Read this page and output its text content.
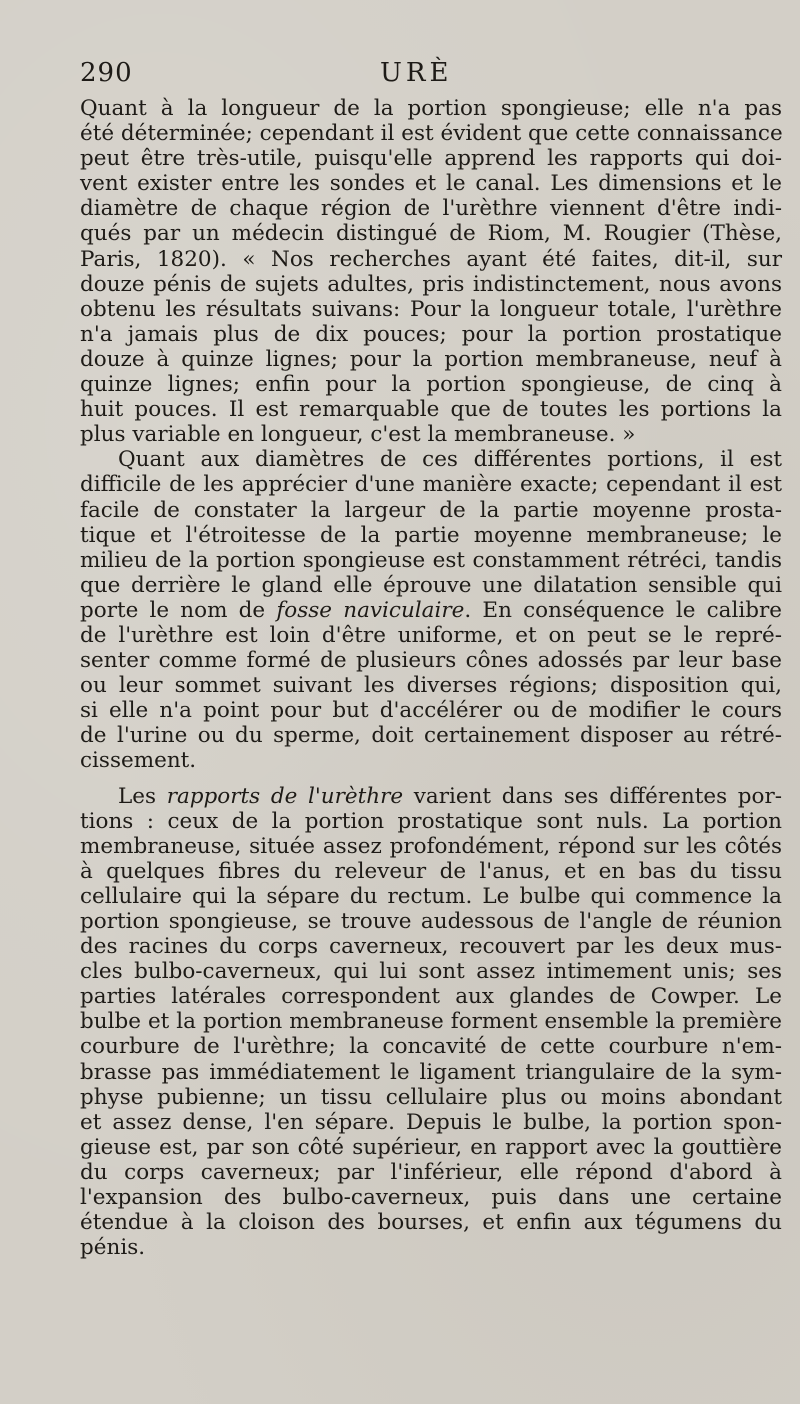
290	URÈ

Quant à la longueur de la portion spongieuse; elle n'a pas
été déterminée; cependant il est évident que cette connaissance
peut être très-utile, puisqu'elle apprend les rapports qui doi-
vent exister entre les sondes et le canal. Les dimensions et le
diamètre de chaque région de l'urèthre viennent d'être indi-
qués par un médecin distingué de Riom, M. Rougier (Thèse,
Paris, 1820). « Nos recherches ayant été faites, dit-il, sur
douze pénis de sujets adultes, pris indistinctement, nous avons
obtenu les résultats suivans: Pour la longueur totale, l'urèthre
n'a jamais plus de dix pouces; pour la portion prostatique
douze à quinze lignes; pour la portion membraneuse, neuf à
quinze lignes; enfin pour la portion spongieuse, de cinq à
huit pouces. Il est remarquable que de toutes les portions la
plus variable en longueur, c'est la membraneuse. »

Quant aux diamètres de ces différentes portions, il est
difficile de les apprécier d'une manière exacte; cependant il est
facile de constater la largeur de la partie moyenne prosta-
tique et l'étroitesse de la partie moyenne membraneuse; le
milieu de la portion spongieuse est constamment rétréci, tandis
que derrière le gland elle éprouve une dilatation sensible qui
porte le nom de fosse naviculaire. En conséquence le calibre
de l'urèthre est loin d'être uniforme, et on peut se le repré-
senter comme formé de plusieurs cônes adossés par leur base
ou leur sommet suivant les diverses régions; disposition qui,
si elle n'a point pour but d'accélérer ou de modifier le cours
de l'urine ou du sperme, doit certainement disposer au rétré-
cissement.

Les rapports de l'urèthre varient dans ses différentes por-
tions : ceux de la portion prostatique sont nuls. La portion
membraneuse, située assez profondément, répond sur les côtés
à quelques fibres du releveur de l'anus, et en bas du tissu
cellulaire qui la sépare du rectum. Le bulbe qui commence la
portion spongieuse, se trouve audessous de l'angle de réunion
des racines du corps caverneux, recouvert par les deux mus-
cles bulbo-caverneux, qui lui sont assez intimement unis; ses
parties latérales correspondent aux glandes de Cowper. Le
bulbe et la portion membraneuse forment ensemble la première
courbure de l'urèthre; la concavité de cette courbure n'em-
brasse pas immédiatement le ligament triangulaire de la sym-
physe pubienne; un tissu cellulaire plus ou moins abondant
et assez dense, l'en sépare. Depuis le bulbe, la portion spon-
gieuse est, par son côté supérieur, en rapport avec la gouttière
du corps caverneux; par l'inférieur, elle répond d'abord à
l'expansion des bulbo-caverneux, puis dans une certaine
étendue à la cloison des bourses, et enfin aux tégumens du
pénis.
